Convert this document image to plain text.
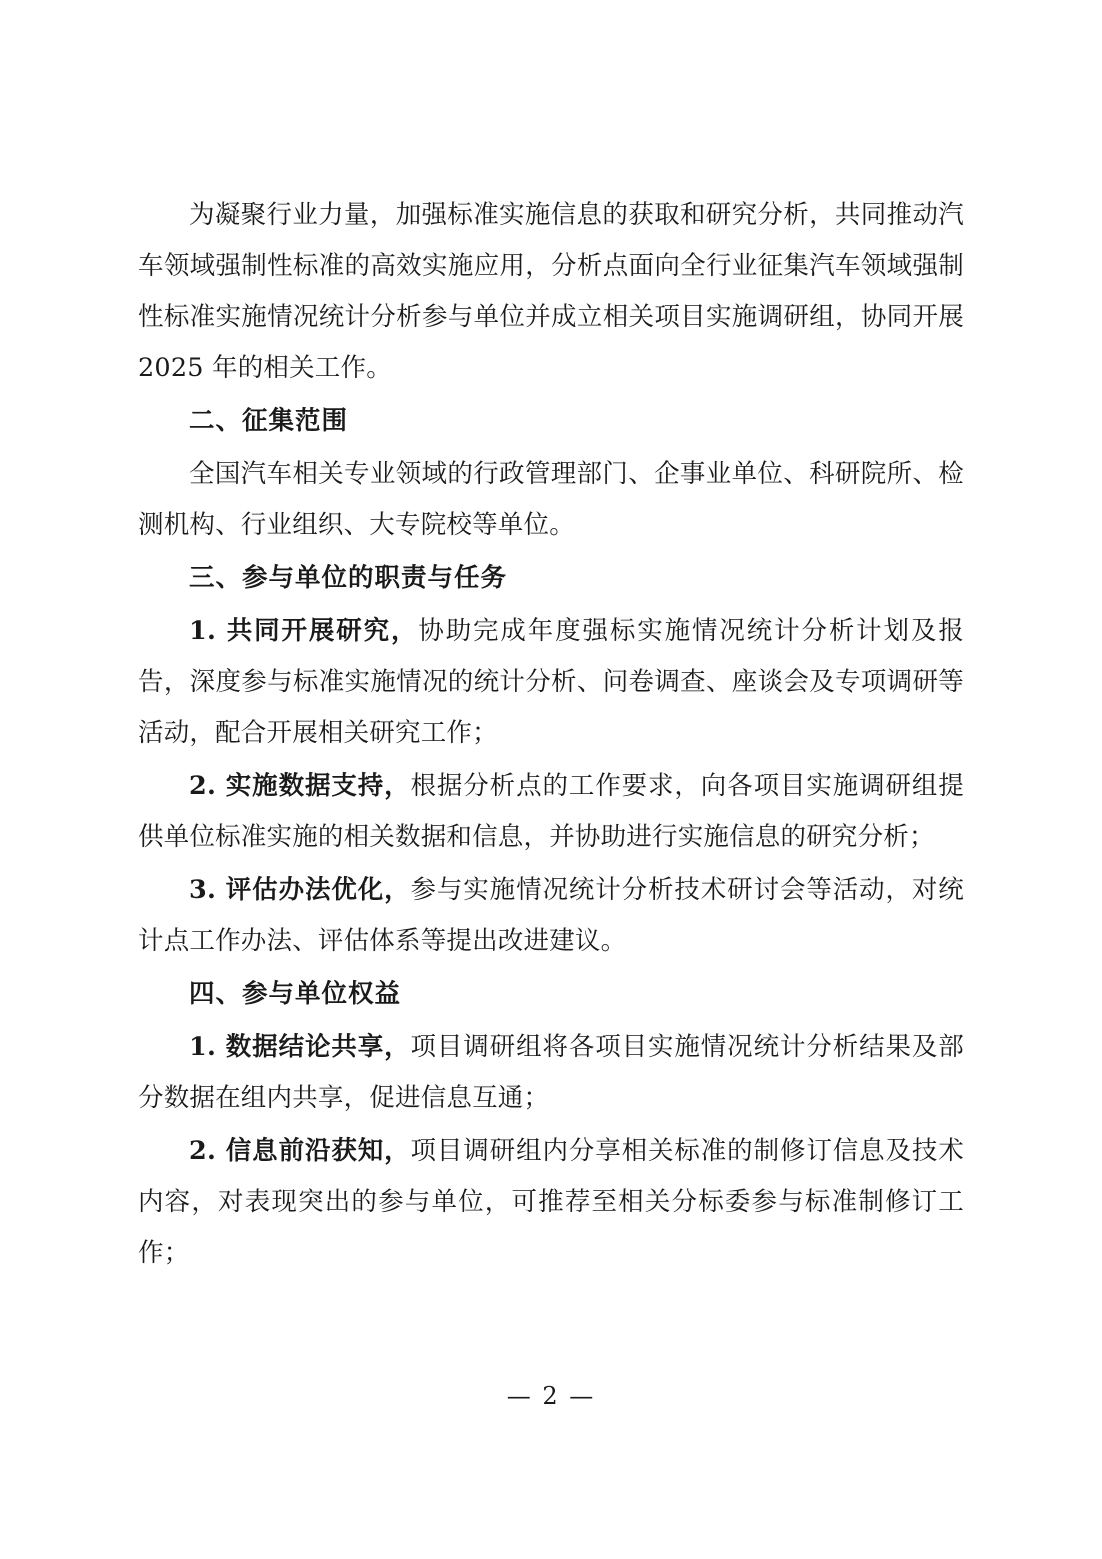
为凝聚行业力量，加强标准实施信息的获取和研究分析，共同推动汽车领域强制性标准的高效实施应用，分析点面向全行业征集汽车领域强制性标准实施情况统计分析参与单位并成立相关项目实施调研组，协同开展 2025 年的相关工作。

二、征集范围

全国汽车相关专业领域的行政管理部门、企事业单位、科研院所、检测机构、行业组织、大专院校等单位。

三、参与单位的职责与任务

1. 共同开展研究，协助完成年度强标实施情况统计分析计划及报告，深度参与标准实施情况的统计分析、问卷调查、座谈会及专项调研等活动，配合开展相关研究工作；

2. 实施数据支持，根据分析点的工作要求，向各项目实施调研组提供单位标准实施的相关数据和信息，并协助进行实施信息的研究分析；

3. 评估办法优化，参与实施情况统计分析技术研讨会等活动，对统计点工作办法、评估体系等提出改进建议。

四、参与单位权益

1. 数据结论共享，项目调研组将各项目实施情况统计分析结果及部分数据在组内共享，促进信息互通；

2. 信息前沿获知，项目调研组内分享相关标准的制修订信息及技术内容，对表现突出的参与单位，可推荐至相关分标委参与标准制修订工作；

— 2 —
